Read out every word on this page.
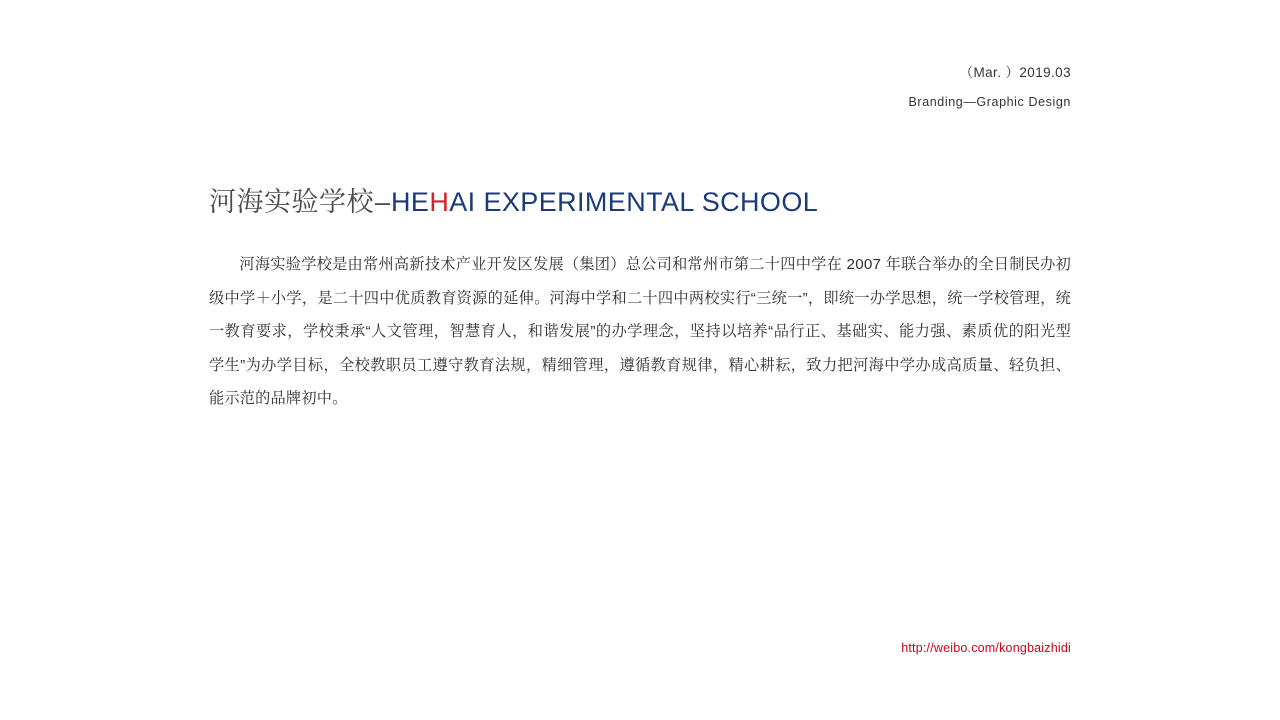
（Mar. ）2019.03
Branding—Graphic Design
河海实验学校–HEHAI EXPERIMENTAL SCHOOL
河海实验学校是由常州高新技术产业开发区发展（集团）总公司和常州市第二十四中学在 2007 年联合举办的全日制民办初级中学＋小学，是二十四中优质教育资源的延伸。河海中学和二十四中两校实行“三统一”，即统一办学思想，统一学校管理，统一教育要求，学校秉承“人文管理，智慧育人，和谐发展”的办学理念，坚持以培养“品行正、基础实、能力强、素质优的阳光型学生”为办学目标，全校教职员工遵守教育法规，精细管理，遵循教育规律，精心耕耘，致力把河海中学办成高质量、轻负担、能示范的品牌初中。
http://weibo.com/kongbaizhidi
